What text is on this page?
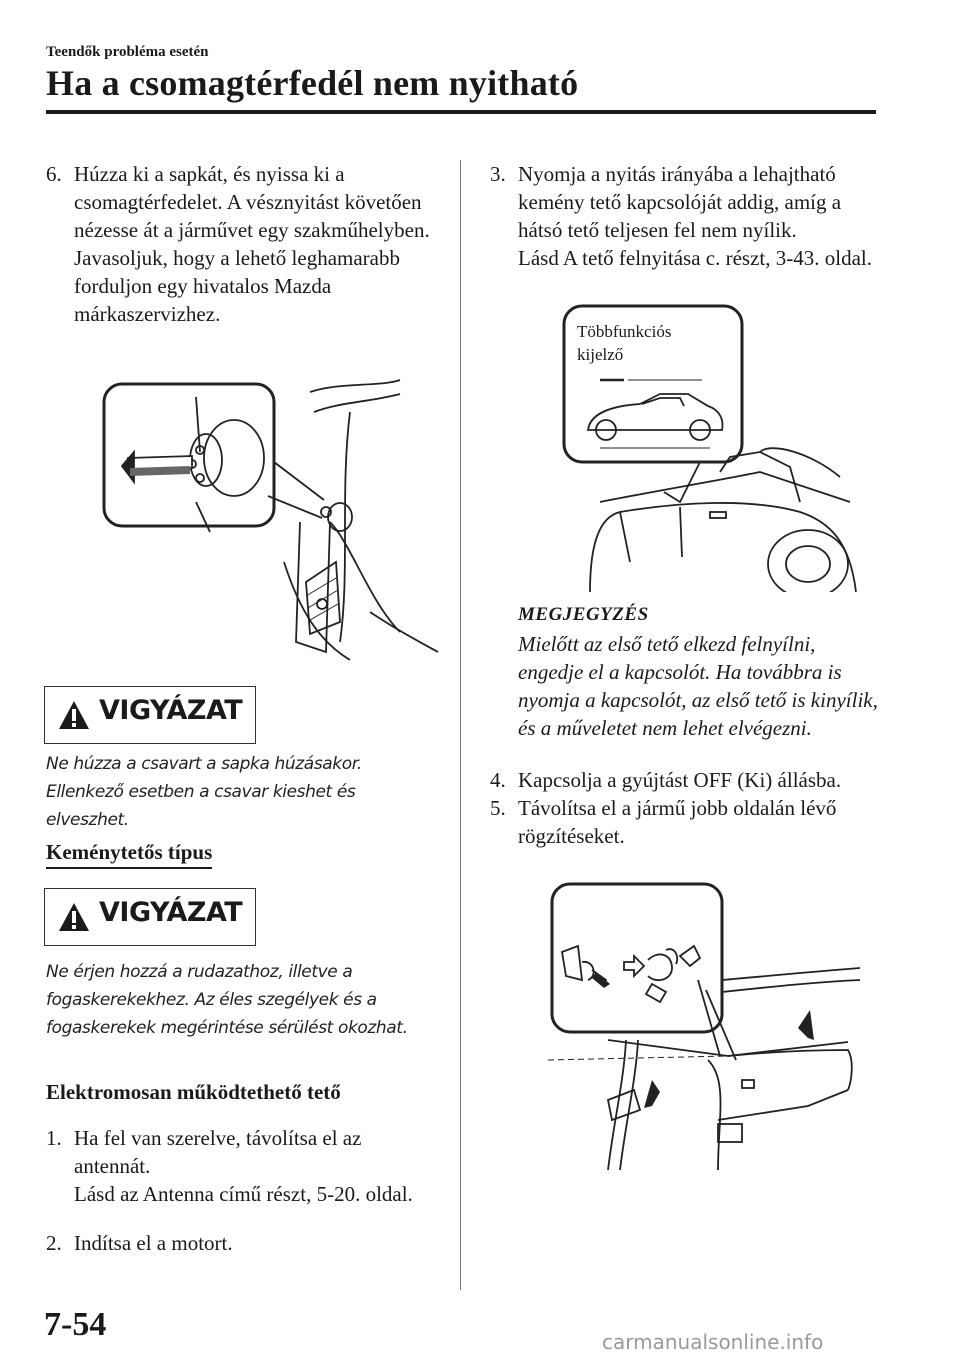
Teendők probléma esetén
Ha a csomagtérfedél nem nyitható
6. Húzza ki a sapkát, és nyissa ki a csomagtérfedelet. A vésznyitást követően nézesse át a járművet egy szakműhelyben. Javasoljuk, hogy a lehető leghamarabb forduljon egy hivatalos Mazda márkaszervizhez.
VIGYÁZAT
Ne húzza a csavart a sapka húzásakor. Ellenkező esetben a csavar kieshet és elveszhet.
Keménytetős típus
VIGYÁZAT
Ne érjen hozzá a rudazathoz, illetve a fogaskerekekhez. Az éles szegélyek és a fogaskerekek megérintése sérülést okozhat.
Elektromosan működtethető tető
1. Ha fel van szerelve, távolítsa el az antennát.
Lásd az Antenna című részt, 5-20. oldal.
2. Indítsa el a motort.
3. Nyomja a nyitás irányába a lehajtható kemény tető kapcsolóját addig, amíg a hátsó tető teljesen fel nem nyílik.
Lásd A tető felnyitása c. részt, 3-43. oldal.
Többfunkciós kijelző
MEGJEGYZÉS
Mielőtt az első tető elkezd felnyílni, engedje el a kapcsolót. Ha továbbra is nyomja a kapcsolót, az első tető is kinyílik, és a műveletet nem lehet elvégezni.
4. Kapcsolja a gyújtást OFF (Ki) állásba.
5. Távolítsa el a jármű jobb oldalán lévő rögzítéseket.
7-54	carmanualsonline.info
